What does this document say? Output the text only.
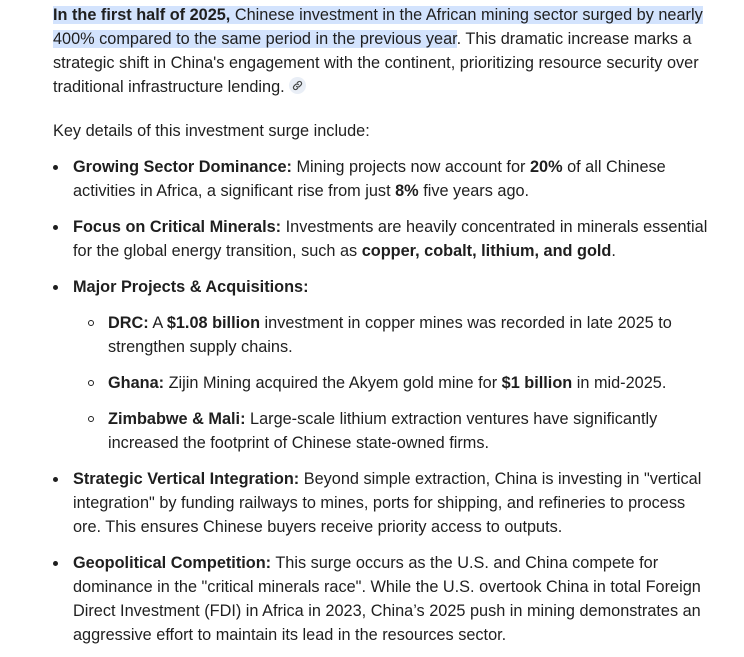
In the first half of 2025, Chinese investment in the African mining sector surged by nearly 400% compared to the same period in the previous year. This dramatic increase marks a strategic shift in China's engagement with the continent, prioritizing resource security over traditional infrastructure lending.

Key details of this investment surge include:

Growing Sector Dominance: Mining projects now account for 20% of all Chinese activities in Africa, a significant rise from just 8% five years ago.
Focus on Critical Minerals: Investments are heavily concentrated in minerals essential for the global energy transition, such as copper, cobalt, lithium, and gold.
Major Projects & Acquisitions:
DRC: A $1.08 billion investment in copper mines was recorded in late 2025 to strengthen supply chains.
Ghana: Zijin Mining acquired the Akyem gold mine for $1 billion in mid-2025.
Zimbabwe & Mali: Large-scale lithium extraction ventures have significantly increased the footprint of Chinese state-owned firms.
Strategic Vertical Integration: Beyond simple extraction, China is investing in "vertical integration" by funding railways to mines, ports for shipping, and refineries to process ore. This ensures Chinese buyers receive priority access to outputs.
Geopolitical Competition: This surge occurs as the U.S. and China compete for dominance in the "critical minerals race". While the U.S. overtook China in total Foreign Direct Investment (FDI) in Africa in 2023, China’s 2025 push in mining demonstrates an aggressive effort to maintain its lead in the resources sector.
